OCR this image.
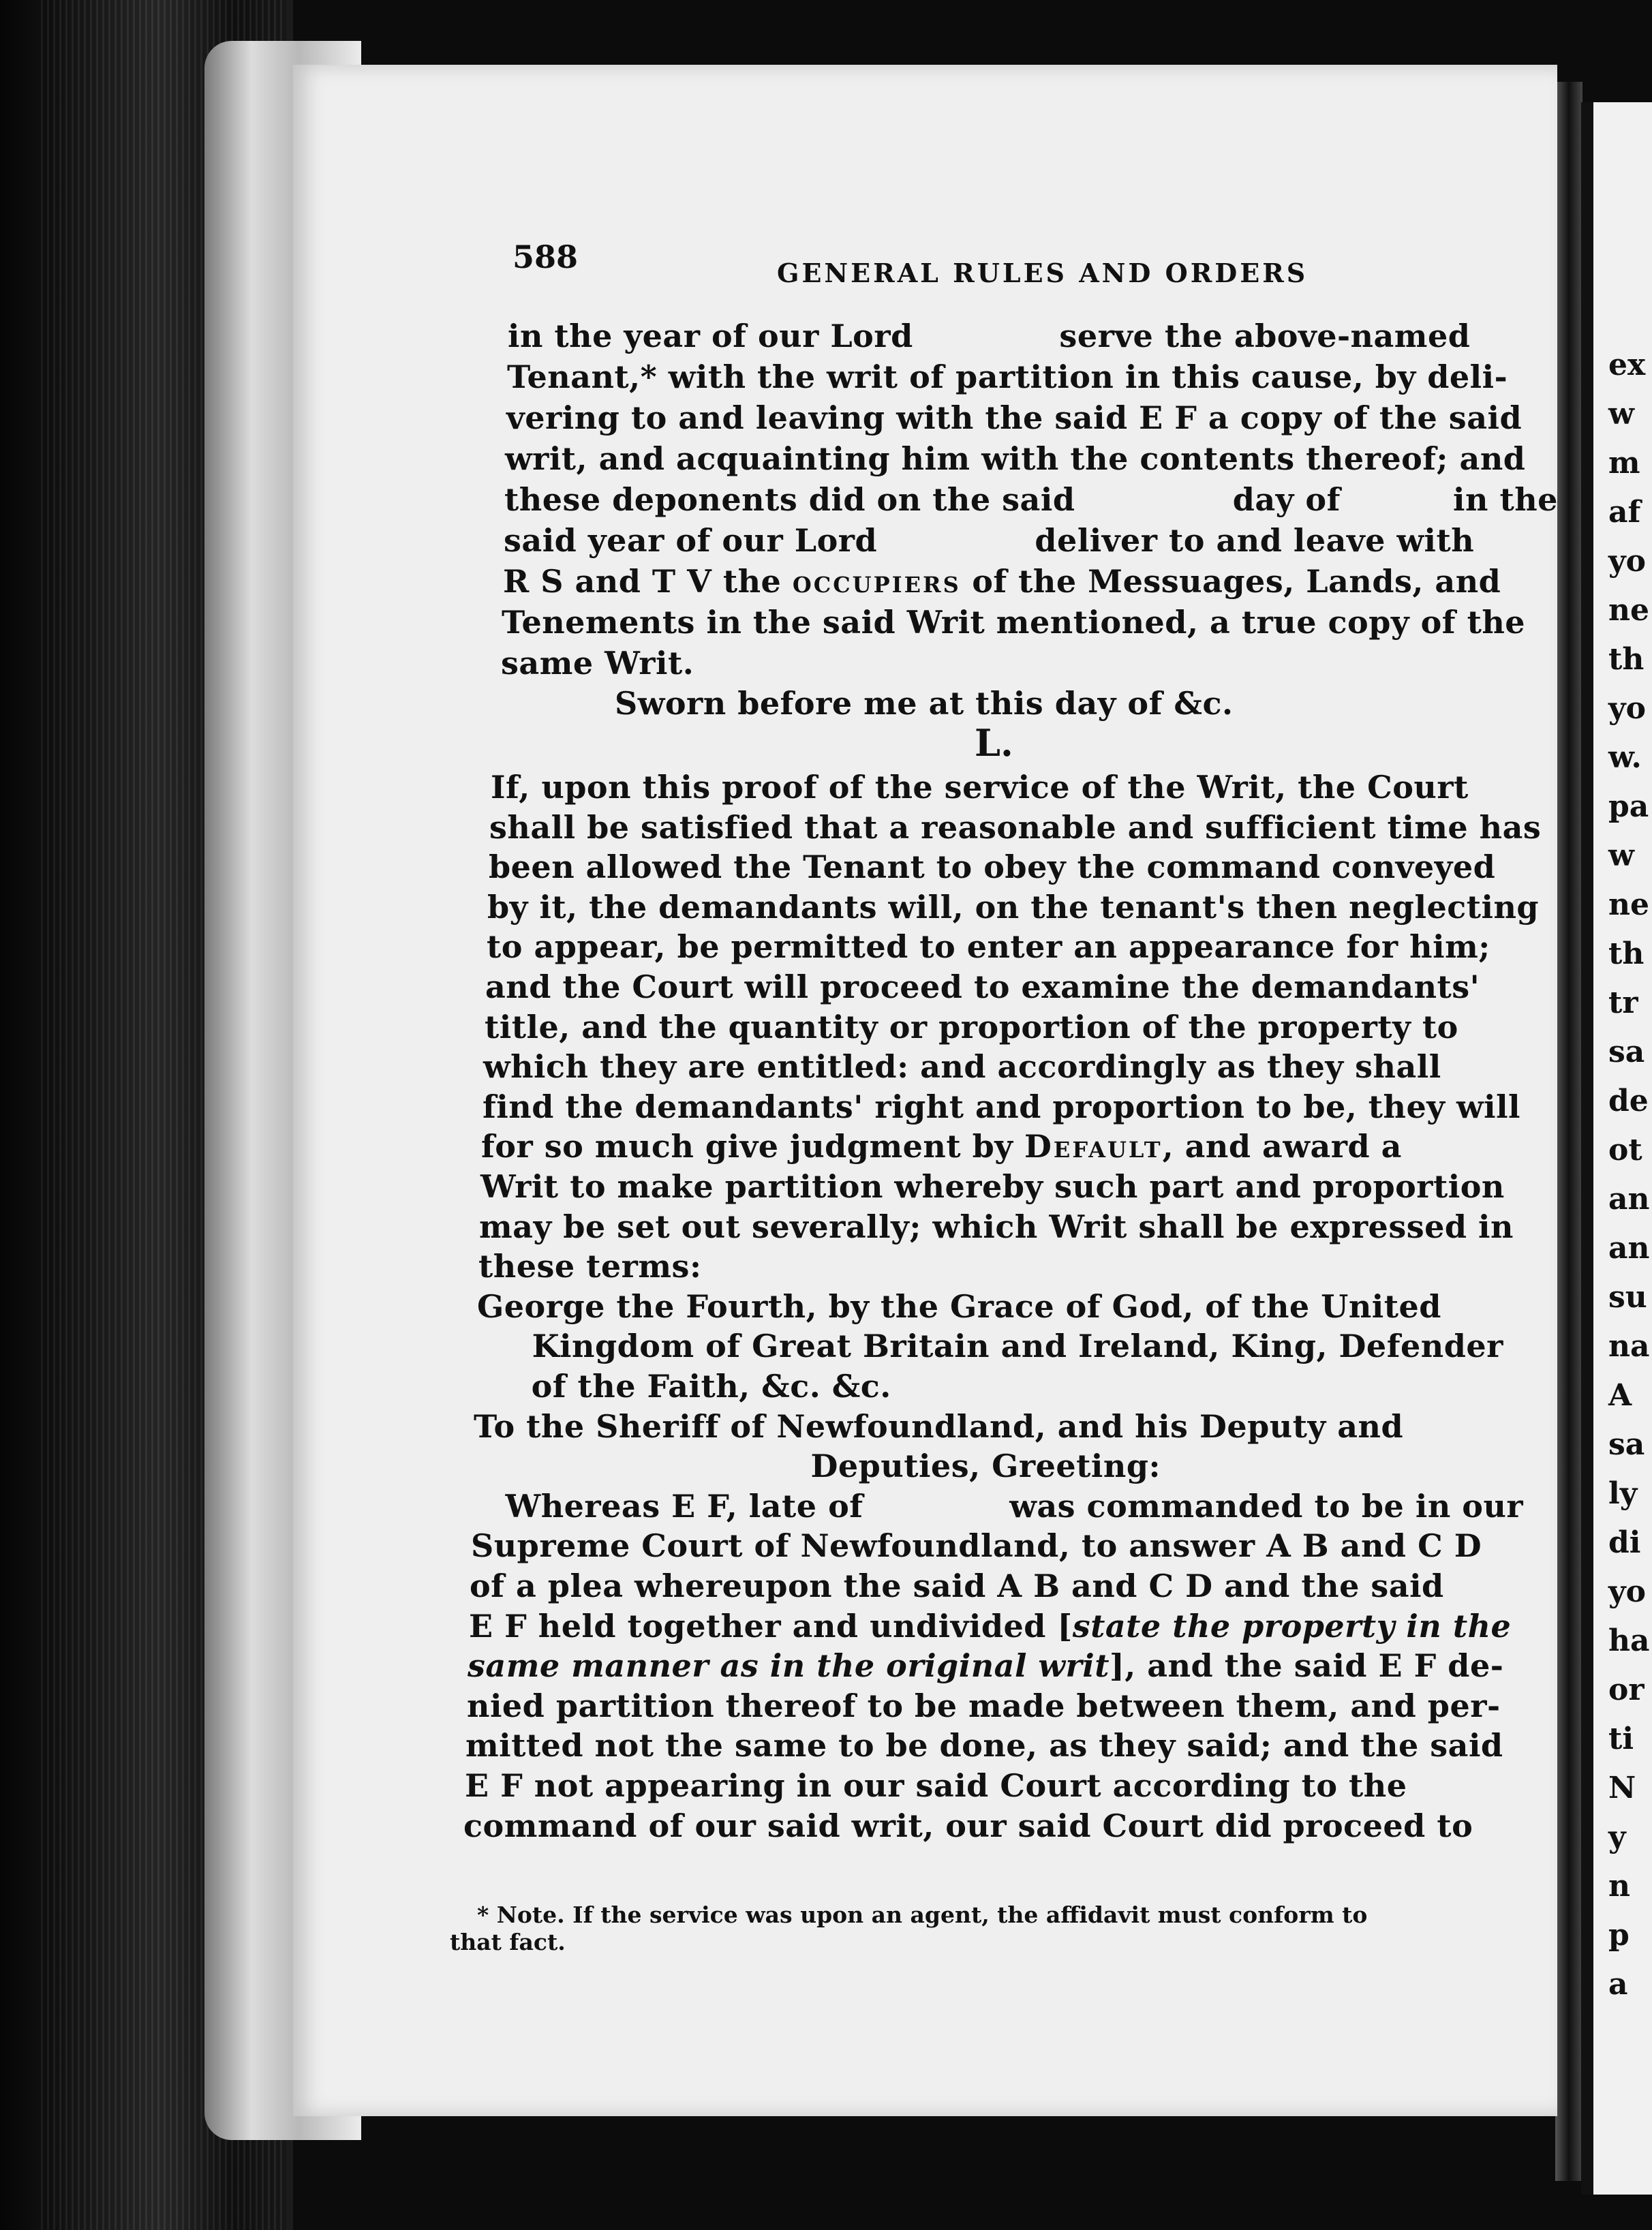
588	GENERAL RULES AND ORDERS
in the year of our Lord             serve the above-named
Tenant,* with the writ of partition in this cause, by deli-
vering to and leaving with the said E F a copy of the said
writ, and acquainting him with the contents thereof; and
these deponents did on the said              day of          in the
said year of our Lord              deliver to and leave with
R S and T V the occupiers of the Messuages, Lands, and
Tenements in the said Writ mentioned, a true copy of the
same Writ.
Sworn before me at this day of &c.
L.
If, upon this proof of the service of the Writ, the Court
shall be satisfied that a reasonable and sufficient time has
been allowed the Tenant to obey the command conveyed
by it, the demandants will, on the tenant's then neglecting
to appear, be permitted to enter an appearance for him;
and the Court will proceed to examine the demandants'
title, and the quantity or proportion of the property to
which they are entitled: and accordingly as they shall
find the demandants' right and proportion to be, they will
for so much give judgment by Default, and award a
Writ to make partition whereby such part and proportion
may be set out severally; which Writ shall be expressed in
these terms:
George the Fourth, by the Grace of God, of the United
Kingdom of Great Britain and Ireland, King, Defender
of the Faith, &c. &c.
To the Sheriff of Newfoundland, and his Deputy and
Deputies, Greeting:
Whereas E F, late of             was commanded to be in our
Supreme Court of Newfoundland, to answer A B and C D
of a plea whereupon the said A B and C D and the said
E F held together and undivided [state the property in the
same manner as in the original writ], and the said E F de-
nied partition thereof to be made between them, and per-
mitted not the same to be done, as they said; and the said
E F not appearing in our said Court according to the
command of our said writ, our said Court did proceed to
* Note. If the service was upon an agent, the affidavit must conform to
that fact.
ex
w
m
af
yo
ne
th
yo
w.
pa
w
ne
th
tr
sa
de
ot
an
an
su
na
A
sa
ly
di
yo
ha
or
ti
N
y
n
p
a
